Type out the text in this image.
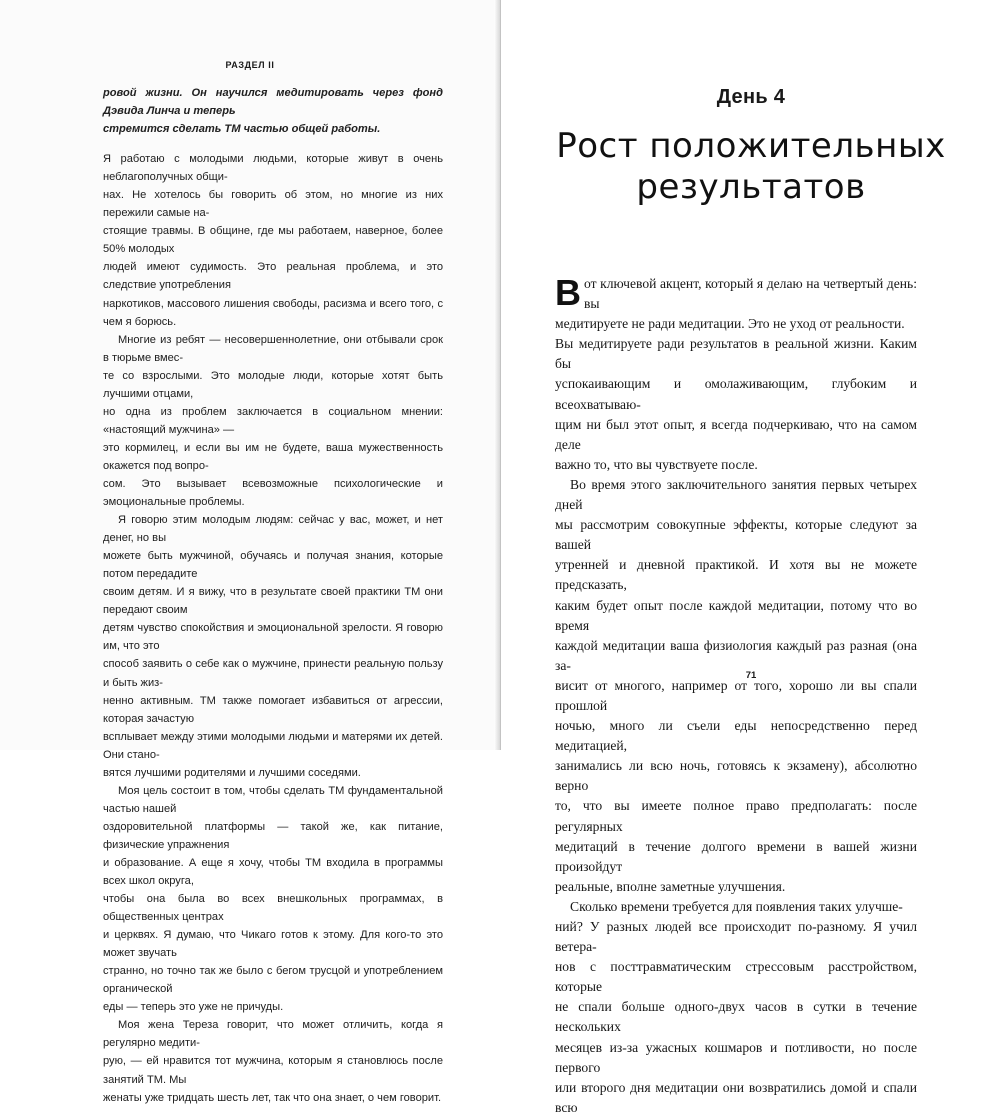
РАЗДЕЛ II

ровой жизни. Он научился медитировать через фонд Дэвида Линча и теперь
стремится сделать ТМ частью общей работы.

Я работаю с молодыми людьми, которые живут в очень неблагополучных общи-
нах. Не хотелось бы говорить об этом, но многие из них пережили самые на-
стоящие травмы. В общине, где мы работаем, наверное, более 50% молодых
людей имеют судимость. Это реальная проблема, и это следствие употребления
наркотиков, массового лишения свободы, расизма и всего того, с чем я борюсь.

Многие из ребят — несовершеннолетние, они отбывали срок в тюрьме вмес-
те со взрослыми. Это молодые люди, которые хотят быть лучшими отцами,
но одна из проблем заключается в социальном мнении: «настоящий мужчина» —
это кормилец, и если вы им не будете, ваша мужественность окажется под вопро-
сом. Это вызывает всевозможные психологические и эмоциональные проблемы.

Я говорю этим молодым людям: сейчас у вас, может, и нет денег, но вы
можете быть мужчиной, обучаясь и получая знания, которые потом передадите
своим детям. И я вижу, что в результате своей практики ТМ они передают своим
детям чувство спокойствия и эмоциональной зрелости. Я говорю им, что это
способ заявить о себе как о мужчине, принести реальную пользу и быть жиз-
ненно активным. ТМ также помогает избавиться от агрессии, которая зачастую
всплывает между этими молодыми людьми и матерями их детей. Они стано-
вятся лучшими родителями и лучшими соседями.

Моя цель состоит в том, чтобы сделать ТМ фундаментальной частью нашей
оздоровительной платформы — такой же, как питание, физические упражнения
и образование. А еще я хочу, чтобы ТМ входила в программы всех школ округа,
чтобы она была во всех внешкольных программах, в общественных центрах
и церквях. Я думаю, что Чикаго готов к этому. Для кого-то это может звучать
странно, но точно так же было с бегом трусцой и употреблением органической
еды — теперь это уже не причуды.

Моя жена Тереза говорит, что может отличить, когда я регулярно медити-
рую, — ей нравится тот мужчина, которым я становлюсь после занятий ТМ. Мы
женаты уже тридцать шесть лет, так что она знает, о чем говорит.

День 4
Рост положительных
результатов

В от ключевой акцент, который я делаю на четвертый день: вы
медитируете не ради медитации. Это не уход от реальности.
Вы медитируете ради результатов в реальной жизни. Каким бы
успокаивающим и омолаживающим, глубоким и всеохватываю-
щим ни был этот опыт, я всегда подчеркиваю, что на самом деле
важно то, что вы чувствуете после.

Во время этого заключительного занятия первых четырех дней
мы рассмотрим совокупные эффекты, которые следуют за вашей
утренней и дневной практикой. И хотя вы не можете предсказать,
каким будет опыт после каждой медитации, потому что во время
каждой медитации ваша физиология каждый раз разная (она за-
висит от многого, например от того, хорошо ли вы спали прошлой
ночью, много ли съели еды непосредственно перед медитацией,
занимались ли всю ночь, готовясь к экзамену), абсолютно верно
то, что вы имеете полное право предполагать: после регулярных
медитаций в течение долгого времени в вашей жизни произойдут
реальные, вполне заметные улучшения.

Сколько времени требуется для появления таких улучше-
ний? У разных людей все происходит по-разному. Я учил ветера-
нов с посттравматическим стрессовым расстройством, которые
не спали больше одного-двух часов в сутки в течение нескольких
месяцев из-за ужасных кошмаров и потливости, но после первого
или второго дня медитации они возвратились домой и спали всю

71
